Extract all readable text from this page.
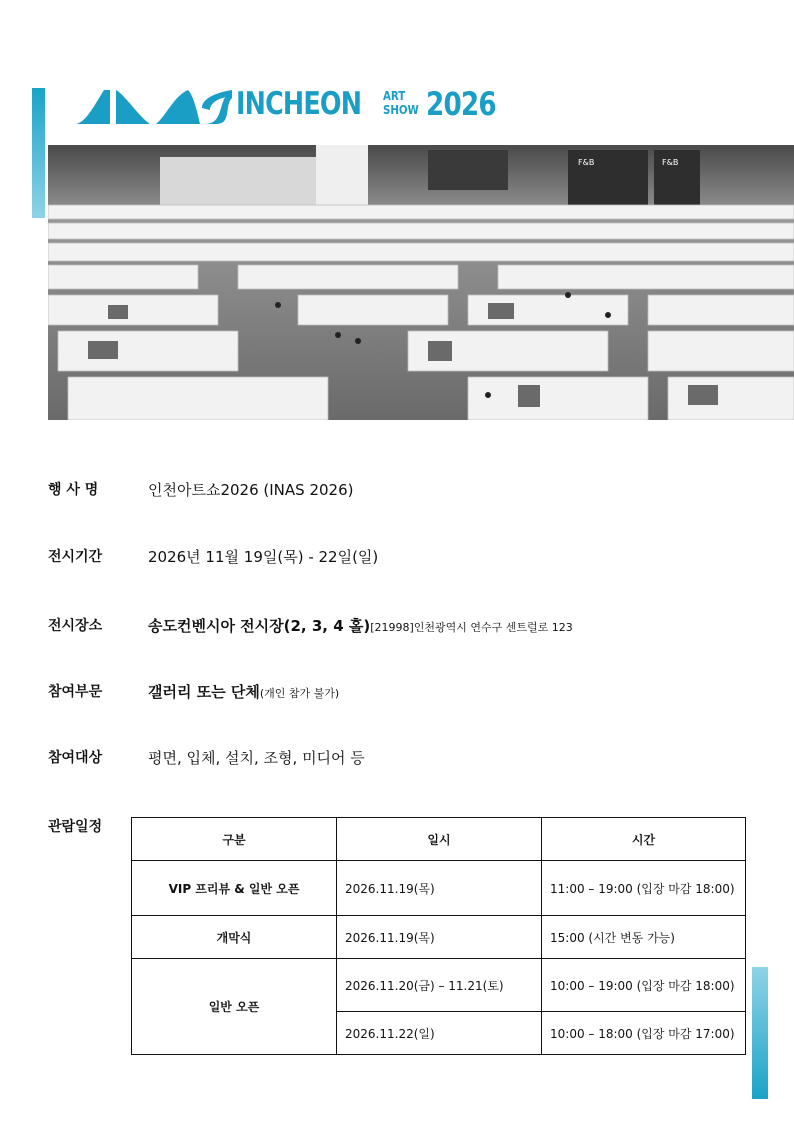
INCHEON ART
SHOW 2026
F&B	F&B
행 사 명	인천아트쇼2026 (INAS 2026)
전시기간	2026년 11월 19일(목) - 22일(일)
전시장소	송도컨벤시아 전시장(2, 3, 4 홀)[21998]인천광역시 연수구 센트럴로 123
참여부문	갤러리 또는 단체(개인 참가 불가)
참여대상	평면, 입체, 설치, 조형, 미디어 등
관람일정
구분	일시	시간
VIP 프리뷰 & 일반 오픈	2026.11.19(목)	11:00 – 19:00 (입장 마감 18:00)
개막식	2026.11.19(목)	15:00 (시간 변동 가능)
일반 오픈	2026.11.20(금) – 11.21(토)	10:00 – 19:00 (입장 마감 18:00)
	2026.11.22(일)	10:00 – 18:00 (입장 마감 17:00)
